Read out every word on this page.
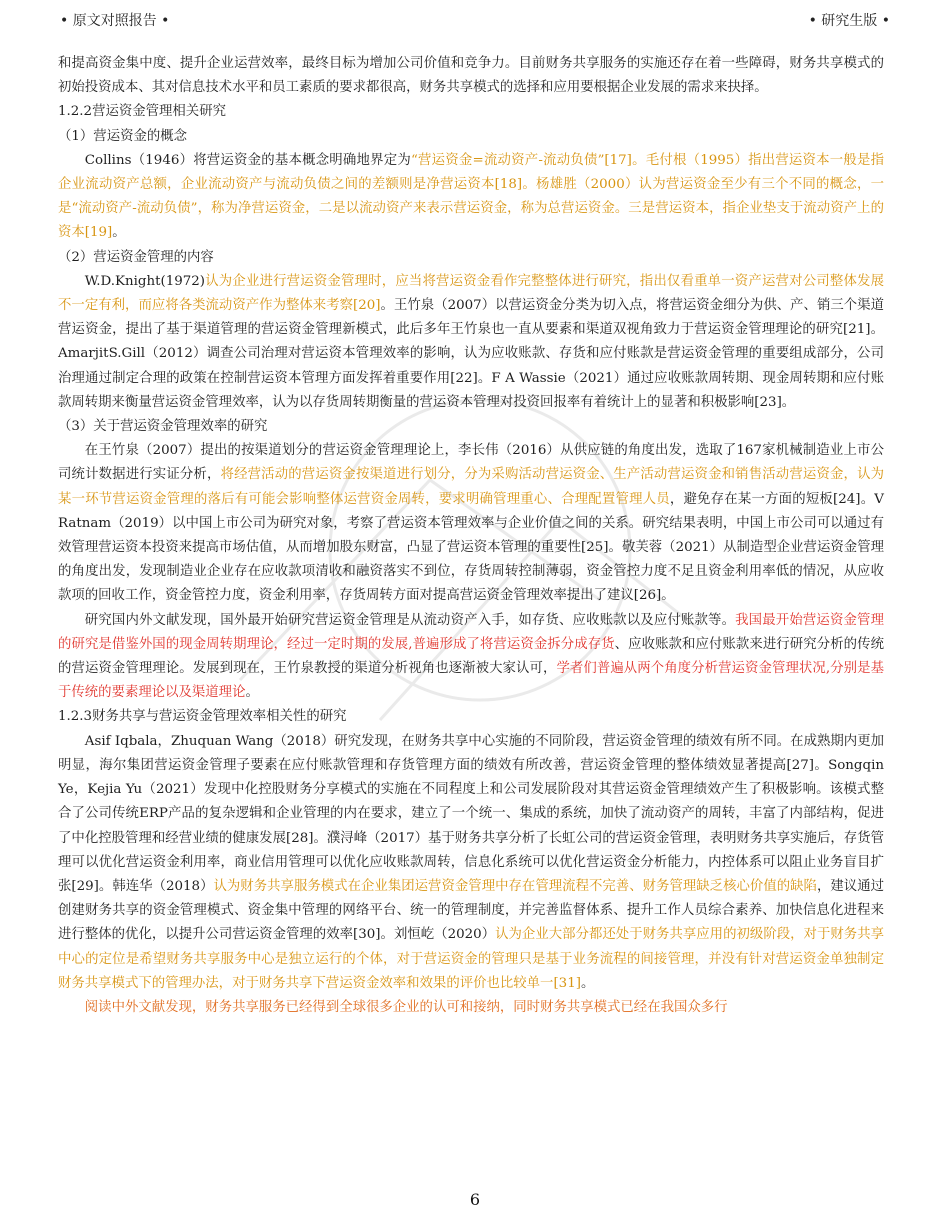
• 原文对照报告 •	• 研究生版 •

和提高资金集中度、提升企业运营效率，最终目标为增加公司价值和竞争力。目前财务共享服务的实施还存在着一些障碍，财务共享模式的初始投资成本、其对信息技术水平和员工素质的要求都很高，财务共享模式的选择和应用要根据企业发展的需求来抉择。

1.2.2营运资金管理相关研究

（1）营运资金的概念

Collins（1946）将营运资金的基本概念明确地界定为“营运资金=流动资产-流动负债”[17]。毛付根（1995）指出营运资本一般是指企业流动资产总额，企业流动资产与流动负债之间的差额则是净营运资本[18]。杨雄胜（2000）认为营运资金至少有三个不同的概念，一是“流动资产-流动负债”，称为净营运资金，二是以流动资产来表示营运资金，称为总营运资金。三是营运资本，指企业垫支于流动资产上的资本[19]。

（2）营运资金管理的内容

W.D.Knight(1972)认为企业进行营运资金管理时，应当将营运资金看作完整整体进行研究，指出仅看重单一资产运营对公司整体发展不一定有利，而应将各类流动资产作为整体来考察[20]。王竹泉（2007）以营运资金分类为切入点，将营运资金细分为供、产、销三个渠道营运资金，提出了基于渠道管理的营运资金管理新模式，此后多年王竹泉也一直从要素和渠道双视角致力于营运资金管理理论的研究[21]。AmarjitS.Gill（2012）调查公司治理对营运资本管理效率的影响，认为应收账款、存货和应付账款是营运资金管理的重要组成部分，公司治理通过制定合理的政策在控制营运资本管理方面发挥着重要作用[22]。F A Wassie（2021）通过应收账款周转期、现金周转期和应付账款周转期来衡量营运资金管理效率，认为以存货周转期衡量的营运资本管理对投资回报率有着统计上的显著和积极影响[23]。

（3）关于营运资金管理效率的研究

在王竹泉（2007）提出的按渠道划分的营运资金管理理论上，李长伟（2016）从供应链的角度出发，选取了167家机械制造业上市公司统计数据进行实证分析，将经营活动的营运资金按渠道进行划分，分为采购活动营运资金、生产活动营运资金和销售活动营运资金，认为某一环节营运资金管理的落后有可能会影响整体运营资金周转，要求明确管理重心、合理配置管理人员，避免存在某一方面的短板[24]。V Ratnam（2019）以中国上市公司为研究对象，考察了营运资本管理效率与企业价值之间的关系。研究结果表明，中国上市公司可以通过有效管理营运资本投资来提高市场估值，从而增加股东财富，凸显了营运资本管理的重要性[25]。敬芙蓉（2021）从制造型企业营运资金管理的角度出发，发现制造业企业存在应收款项清收和融资落实不到位，存货周转控制薄弱，资金管控力度不足且资金利用率低的情况，从应收款项的回收工作，资金管控力度，资金利用率，存货周转方面对提高营运资金管理效率提出了建议[26]。

研究国内外文献发现，国外最开始研究营运资金管理是从流动资产入手，如存货、应收账款以及应付账款等。我国最开始营运资金管理的研究是借鉴外国的现金周转期理论，经过一定时期的发展,普遍形成了将营运资金拆分成存货、应收账款和应付账款来进行研究分析的传统的营运资金管理理论。发展到现在，王竹泉教授的渠道分析视角也逐渐被大家认可，学者们普遍从两个角度分析营运资金管理状况,分别是基于传统的要素理论以及渠道理论。

1.2.3财务共享与营运资金管理效率相关性的研究

Asif Iqbala，Zhuquan Wang（2018）研究发现，在财务共享中心实施的不同阶段，营运资金管理的绩效有所不同。在成熟期内更加明显，海尔集团营运资金管理子要素在应付账款管理和存货管理方面的绩效有所改善，营运资金管理的整体绩效显著提高[27]。Songqin Ye，Kejia Yu（2021）发现中化控股财务分享模式的实施在不同程度上和公司发展阶段对其营运资金管理绩效产生了积极影响。该模式整合了公司传统ERP产品的复杂逻辑和企业管理的内在要求，建立了一个统一、集成的系统，加快了流动资产的周转，丰富了内部结构，促进了中化控股管理和经营业绩的健康发展[28]。濮浔峰（2017）基于财务共享分析了长虹公司的营运资金管理，表明财务共享实施后，存货管理可以优化营运资金利用率，商业信用管理可以优化应收账款周转，信息化系统可以优化营运资金分析能力，内控体系可以阻止业务盲目扩张[29]。韩连华（2018）认为财务共享服务模式在企业集团运营资金管理中存在管理流程不完善、财务管理缺乏核心价值的缺陷，建议通过创建财务共享的资金管理模式、资金集中管理的网络平台、统一的管理制度，并完善监督体系、提升工作人员综合素养、加快信息化进程来进行整体的优化，以提升公司营运资金管理的效率[30]。刘恒屹（2020）认为企业大部分都还处于财务共享应用的初级阶段，对于财务共享中心的定位是希望财务共享服务中心是独立运行的个体，对于营运资金的管理只是基于业务流程的间接管理，并没有针对营运资金单独制定财务共享模式下的管理办法，对于财务共享下营运资金效率和效果的评价也比较单一[31]。

阅读中外文献发现，财务共享服务已经得到全球很多企业的认可和接纳，同时财务共享模式已经在我国众多行

6
